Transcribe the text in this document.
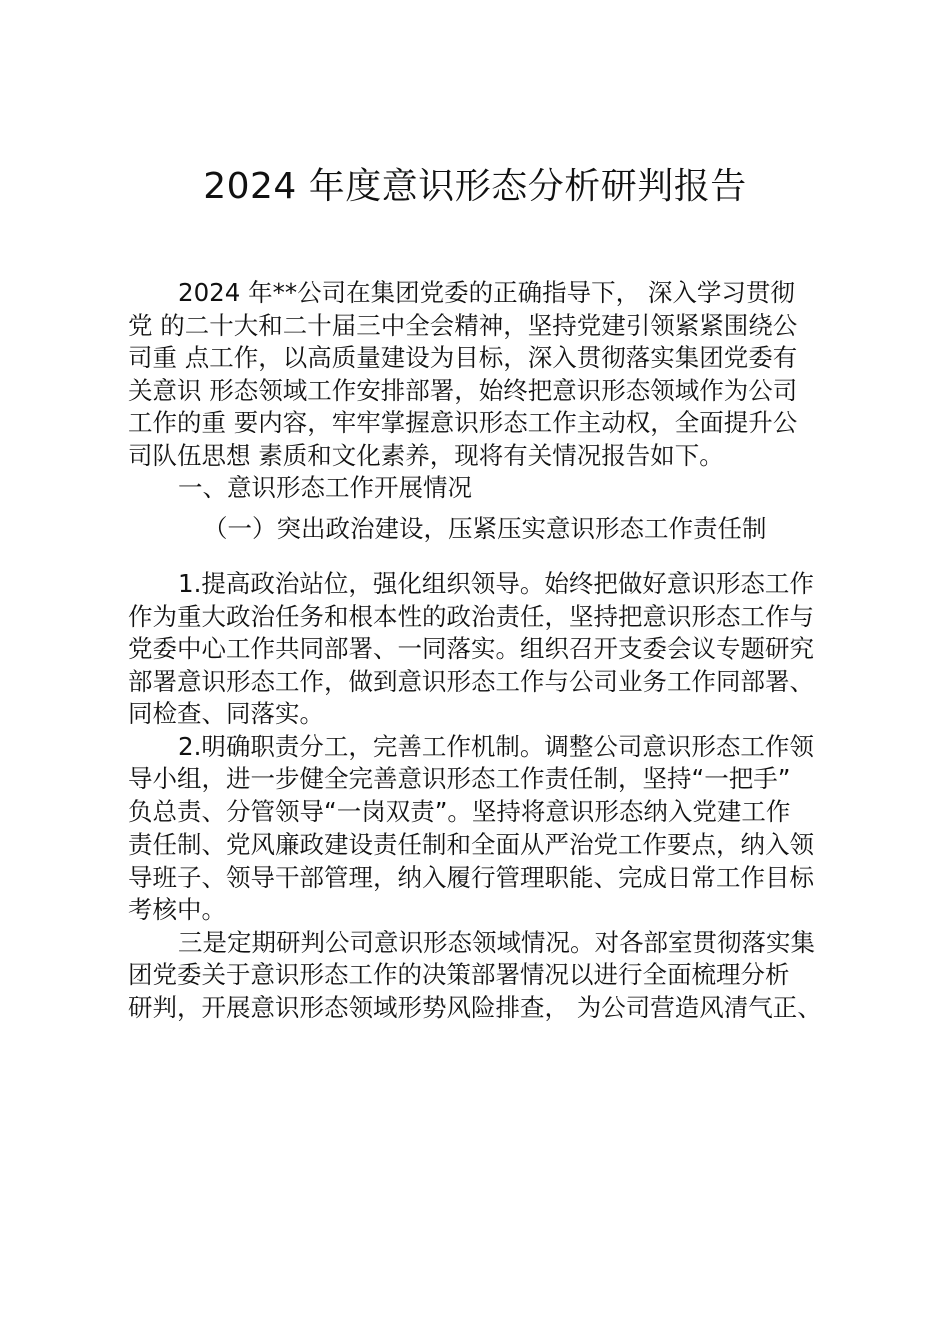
2024 年度意识形态分析研判报告
2024 年**公司在集团党委的正确指导下， 深入学习贯彻
党 的二十大和二十届三中全会精神，坚持党建引领紧紧围绕公
司重 点工作，以高质量建设为目标，深入贯彻落实集团党委有
关意识 形态领域工作安排部署，始终把意识形态领域作为公司
工作的重 要内容，牢牢掌握意识形态工作主动权，全面提升公
司队伍思想 素质和文化素养，现将有关情况报告如下。
一、意识形态工作开展情况
（一）突出政治建设，压紧压实意识形态工作责任制
1.提高政治站位，强化组织领导。始终把做好意识形态工作
作为重大政治任务和根本性的政治责任，坚持把意识形态工作与
党委中心工作共同部署、一同落实。组织召开支委会议专题研究
部署意识形态工作，做到意识形态工作与公司业务工作同部署、
同检查、同落实。
2.明确职责分工，完善工作机制。调整公司意识形态工作领
导小组，进一步健全完善意识形态工作责任制，坚持“一把手”
负总责、分管领导“一岗双责”。坚持将意识形态纳入党建工作
责任制、党风廉政建设责任制和全面从严治党工作要点，纳入领
导班子、领导干部管理，纳入履行管理职能、完成日常工作目标
考核中。
三是定期研判公司意识形态领域情况。对各部室贯彻落实集
团党委关于意识形态工作的决策部署情况以进行全面梳理分析
研判，开展意识形态领域形势风险排查， 为公司营造风清气正、
